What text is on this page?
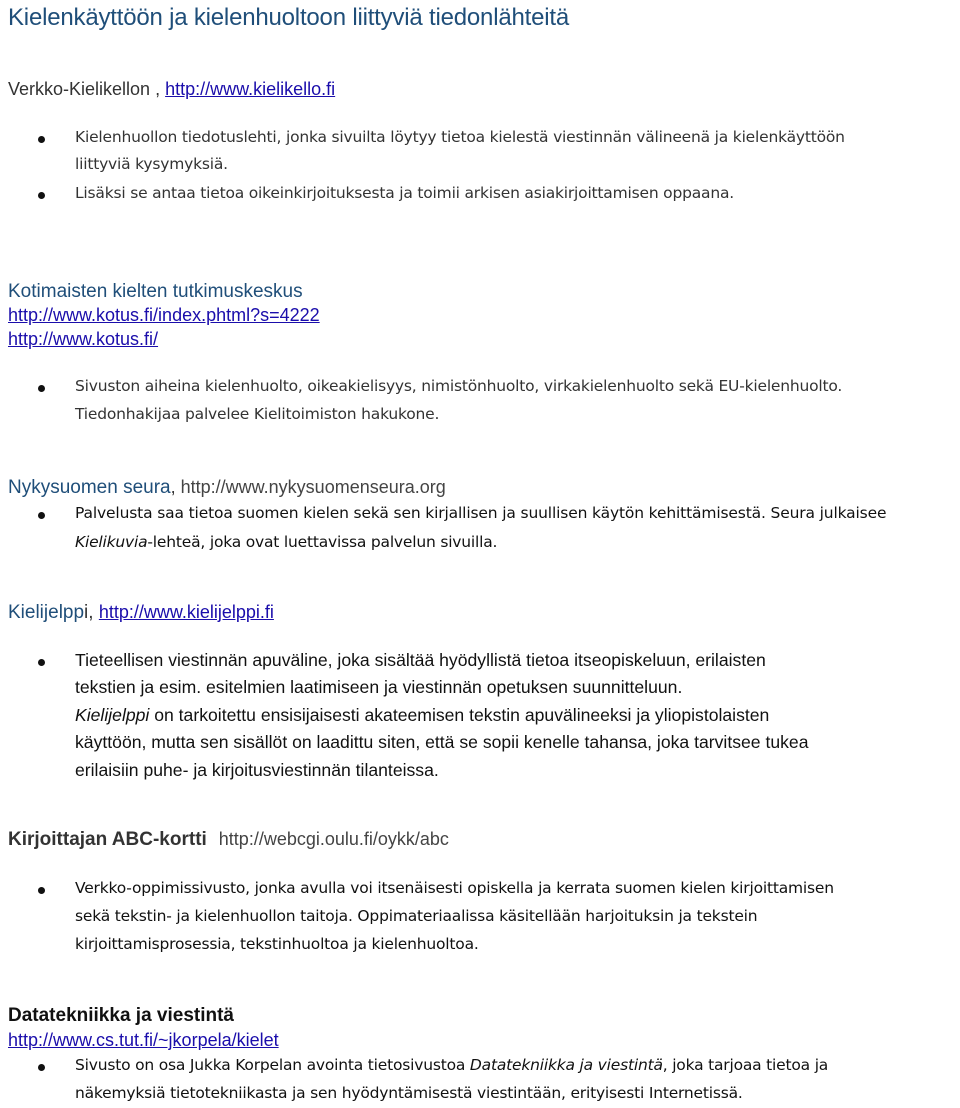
Kielenkäyttöön ja kielenhuoltoon liittyviä tiedonlähteitä
Verkko-Kielikellon , http://www.kielikello.fi
Kielenhuollon tiedotuslehti, jonka sivuilta löytyy tietoa kielestä viestinnän välineenä ja kielenkäyttöön
liittyviä kysymyksiä.
Lisäksi se antaa tietoa oikeinkirjoituksesta ja toimii arkisen asiakirjoittamisen oppaana.
Kotimaisten kielten tutkimuskeskus
http://www.kotus.fi/index.phtml?s=4222
http://www.kotus.fi/
Sivuston aiheina kielenhuolto, oikeakielisyys, nimistönhuolto, virkakielenhuolto sekä EU-kielenhuolto.
Tiedonhakijaa palvelee Kielitoimiston hakukone.
Nykysuomen seura, http://www.nykysuomenseura.org
Palvelusta saa tietoa suomen kielen sekä sen kirjallisen ja suullisen käytön kehittämisestä. Seura julkaisee
Kielikuvia-lehteä, joka ovat luettavissa palvelun sivuilla.
Kielijelppi, http://www.kielijelppi.fi
Tieteellisen viestinnän apuväline, joka sisältää hyödyllistä tietoa itseopiskeluun, erilaisten
tekstien ja esim. esitelmien laatimiseen ja viestinnän opetuksen suunnitteluun.
Kielijelppi on tarkoitettu ensisijaisesti akateemisen tekstin apuvälineeksi ja yliopistolaisten
käyttöön, mutta sen sisällöt on laadittu siten, että se sopii kenelle tahansa, joka tarvitsee tukea
erilaisiin puhe- ja kirjoitusviestinnän tilanteissa.
Kirjoittajan ABC-kortti http://webcgi.oulu.fi/oykk/abc
Verkko-oppimissivusto, jonka avulla voi itsenäisesti opiskella ja kerrata suomen kielen kirjoittamisen
sekä tekstin- ja kielenhuollon taitoja. Oppimateriaalissa käsitellään harjoituksin ja tekstein
kirjoittamisprosessia, tekstinhuoltoa ja kielenhuoltoa.
Datatekniikka ja viestintä
http://www.cs.tut.fi/~jkorpela/kielet
Sivusto on osa Jukka Korpelan avointa tietosivustoa Datatekniikka ja viestintä, joka tarjoaa tietoa ja
näkemyksiä tietotekniikasta ja sen hyödyntämisestä viestintään, erityisesti Internetissä.
